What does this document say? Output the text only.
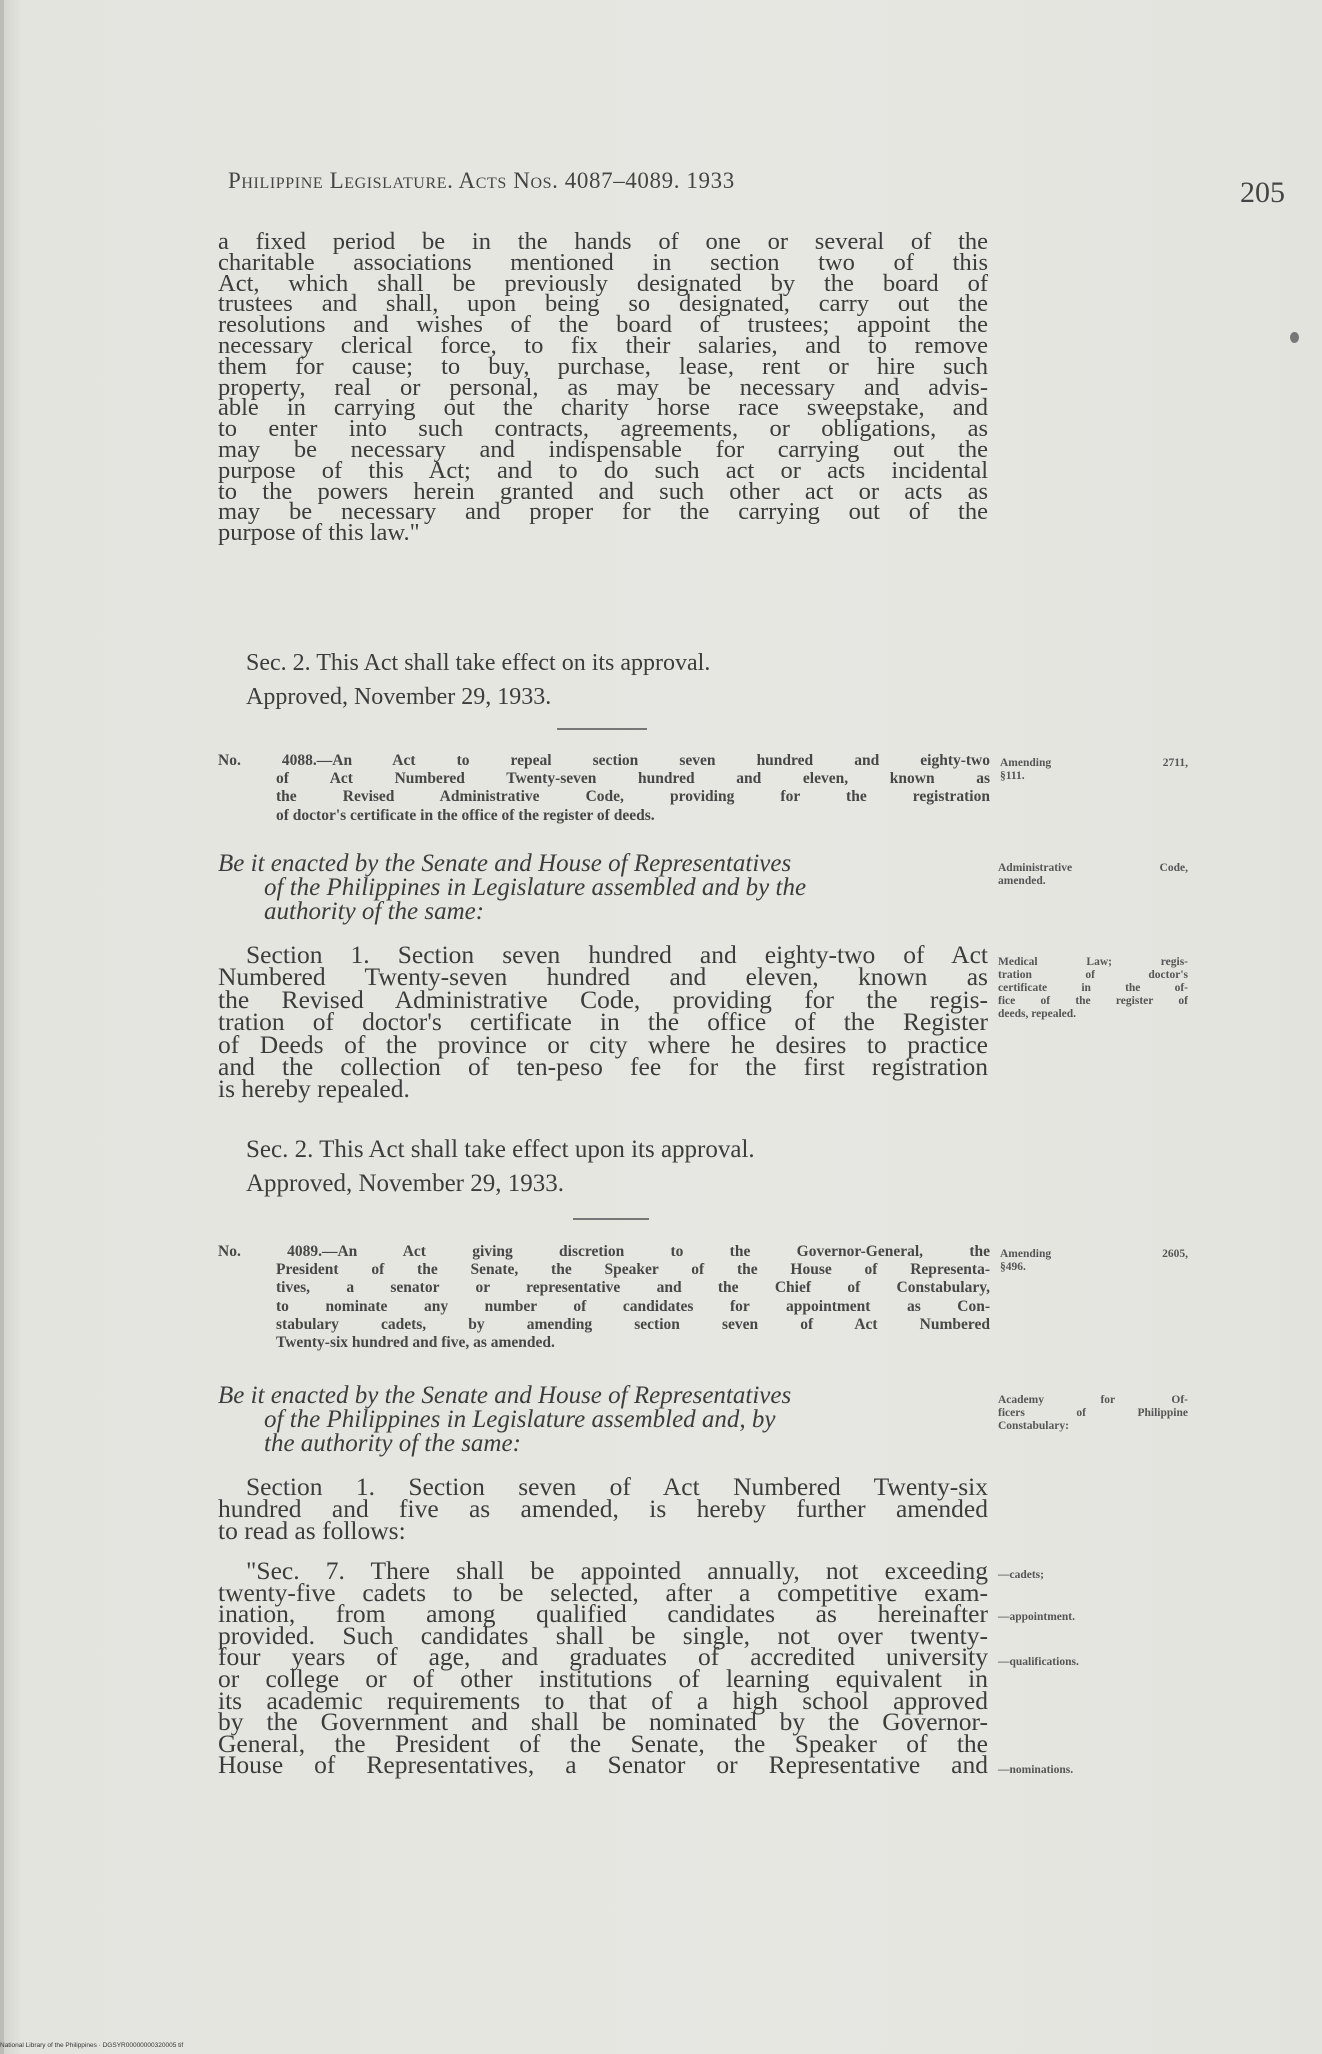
Philippine Legislature. Acts Nos. 4087–4089. 1933	205
a fixed period be in the hands of one or several of the
charitable associations mentioned in section two of this
Act, which shall be previously designated by the board of
trustees and shall, upon being so designated, carry out the
resolutions and wishes of the board of trustees; appoint the
necessary clerical force, to fix their salaries, and to remove
them for cause; to buy, purchase, lease, rent or hire such
property, real or personal, as may be necessary and advis-
able in carrying out the charity horse race sweepstake, and
to enter into such contracts, agreements, or obligations, as
may be necessary and indispensable for carrying out the
purpose of this Act; and to do such act or acts incidental
to the powers herein granted and such other act or acts as
may be necessary and proper for the carrying out of the
purpose of this law."
Sec. 2. This Act shall take effect on its approval.
Approved, November 29, 1933.
No. 4088.—An Act to repeal section seven hundred and eighty-two
of Act Numbered Twenty-seven hundred and eleven, known as
the Revised Administrative Code, providing for the registration
of doctor's certificate in the office of the register of deeds.
Amending 2711,
§111.
Be it enacted by the Senate and House of Representatives
of the Philippines in Legislature assembled and by the
authority of the same:
Administrative Code,
amended.
Section 1. Section seven hundred and eighty-two of Act
Numbered Twenty-seven hundred and eleven, known as
the Revised Administrative Code, providing for the regis-
tration of doctor's certificate in the office of the Register
of Deeds of the province or city where he desires to practice
and the collection of ten-peso fee for the first registration
is hereby repealed.
Medical Law; regis-
tration of doctor's
certificate in the of-
fice of the register of
deeds, repealed.
Sec. 2. This Act shall take effect upon its approval.
Approved, November 29, 1933.
No. 4089.—An Act giving discretion to the Governor-General, the
President of the Senate, the Speaker of the House of Representa-
tives, a senator or representative and the Chief of Constabulary,
to nominate any number of candidates for appointment as Con-
stabulary cadets, by amending section seven of Act Numbered
Twenty-six hundred and five, as amended.
Amending 2605,
§496.
Be it enacted by the Senate and House of Representatives
of the Philippines in Legislature assembled and, by
the authority of the same:
Academy for Of-
ficers of Philippine
Constabulary:
Section 1. Section seven of Act Numbered Twenty-six
hundred and five as amended, is hereby further amended
to read as follows:
"Sec. 7. There shall be appointed annually, not exceeding
twenty-five cadets to be selected, after a competitive exam-
ination, from among qualified candidates as hereinafter
provided. Such candidates shall be single, not over twenty-
four years of age, and graduates of accredited university
or college or of other institutions of learning equivalent in
its academic requirements to that of a high school approved
by the Government and shall be nominated by the Governor-
General, the President of the Senate, the Speaker of the
House of Representatives, a Senator or Representative and
—cadets;
—appointment.
—qualifications.
—nominations.
National Library of the Philippines · DGSYR00000000320005 tif
